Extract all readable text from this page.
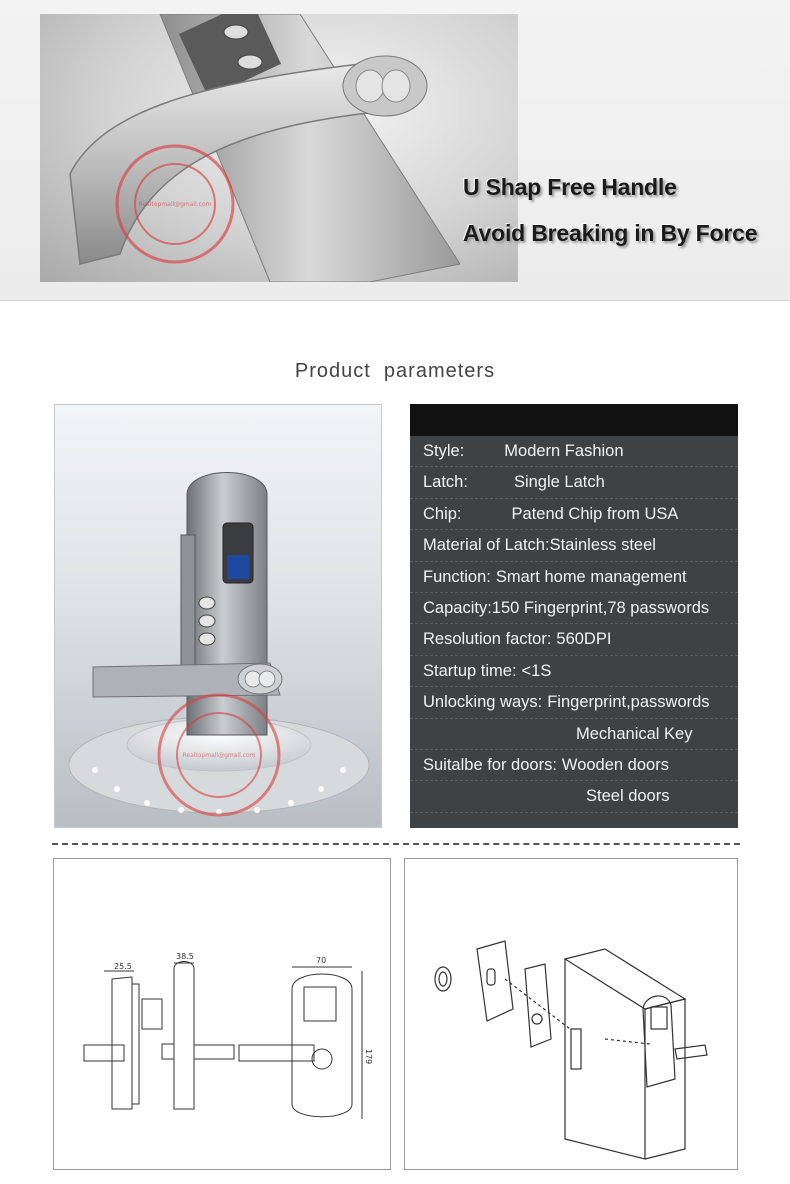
Realtopmall@gmail.com
U Shap Free Handle
Avoid Breaking in By Force
Product  parameters
Realtopmall@gmail.com
Style: Modern Fashion
Latch:	Single Latch
Chip:	Patend Chip from USA
Material of Latch:Stainless steel
Function: Smart home management
Capacity:150 Fingerprint,78 passwords
Resolution factor: 560DPI
Startup time: <1S
Unlocking ways: Fingerprint,passwords
Mechanical Key
Suitalbe for doors: Wooden doors
Steel doors
25.5
38.5	70
179
